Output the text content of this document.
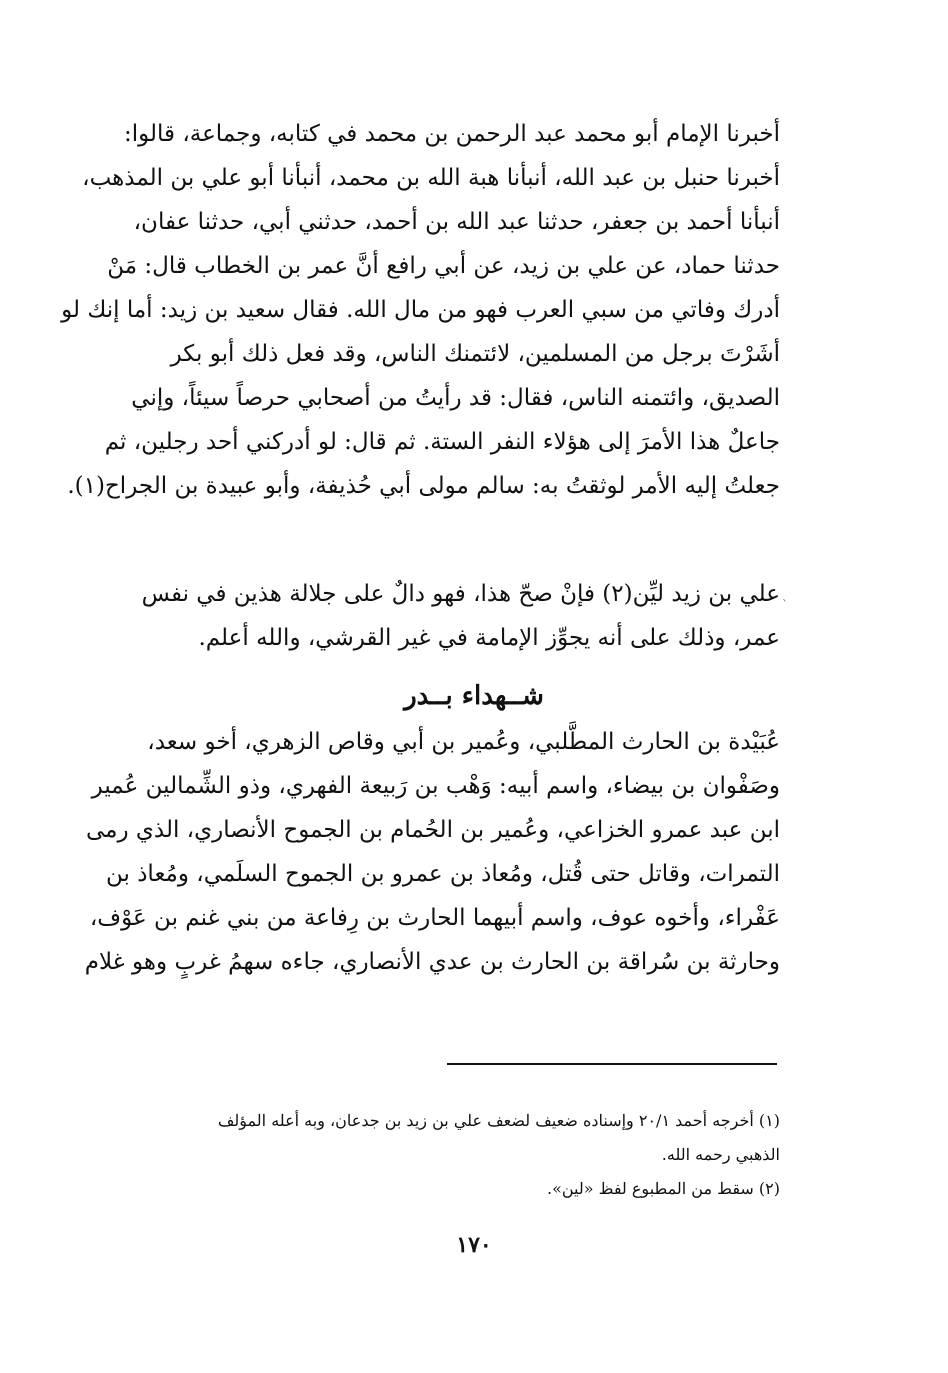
أخبرنا الإمام أبو محمد عبد الرحمن بن محمد في كتابه، وجماعة، قالوا:
أخبرنا حنبل بن عبد الله، أنبأنا هبة الله بن محمد، أنبأنا أبو علي بن المذهب،
أنبأنا أحمد بن جعفر، حدثنا عبد الله بن أحمد، حدثني أبي، حدثنا عفان،
حدثنا حماد، عن علي بن زيد، عن أبي رافع أنَّ عمر بن الخطاب قال: مَنْ
أدرك وفاتي من سبي العرب فهو من مال الله. فقال سعيد بن زيد: أما إنك لو
أشَرْتَ برجل من المسلمين، لائتمنك الناس، وقد فعل ذلك أبو بكر
الصديق، وائتمنه الناس، فقال: قد رأيتُ من أصحابي حرصاً سيئاً، وإني
جاعلٌ هذا الأمرَ إلى هؤلاء النفر الستة. ثم قال: لو أدركني أحد رجلين، ثم
جعلتُ إليه الأمر لوثقتُ به: سالم مولى أبي حُذيفة، وأبو عبيدة بن الجراح(١).
علي بن زيد ليِّن(٢) فإنْ صحّ هذا، فهو دالٌ على جلالة هذين في نفس
عمر، وذلك على أنه يجوِّز الإمامة في غير القرشي، والله أعلم.
`
شــهداء بــدر
عُبَيْدة بن الحارث المطَّلبي، وعُمير بن أبي وقاص الزهري، أخو سعد،
وصَفْوان بن بيضاء، واسم أبيه: وَهْب بن رَبيعة الفهري، وذو الشِّمالين عُمير
ابن عبد عمرو الخزاعي، وعُمير بن الحُمام بن الجموح الأنصاري، الذي رمى
التمرات، وقاتل حتى قُتل، ومُعاذ بن عمرو بن الجموح السلَمي، ومُعاذ بن
عَفْراء، وأخوه عوف، واسم أبيهما الحارث بن رِفاعة من بني غنم بن عَوْف،
وحارثة بن سُراقة بن الحارث بن عدي الأنصاري، جاءه سهمُ غربٍ وهو غلام
(١) أخرجه أحمد ٢٠/١ وإسناده ضعيف لضعف علي بن زيد بن جدعان، وبه أعله المؤلف
الذهبي رحمه الله.
(٢) سقط من المطبوع لفظ «لين».
١٧٠
